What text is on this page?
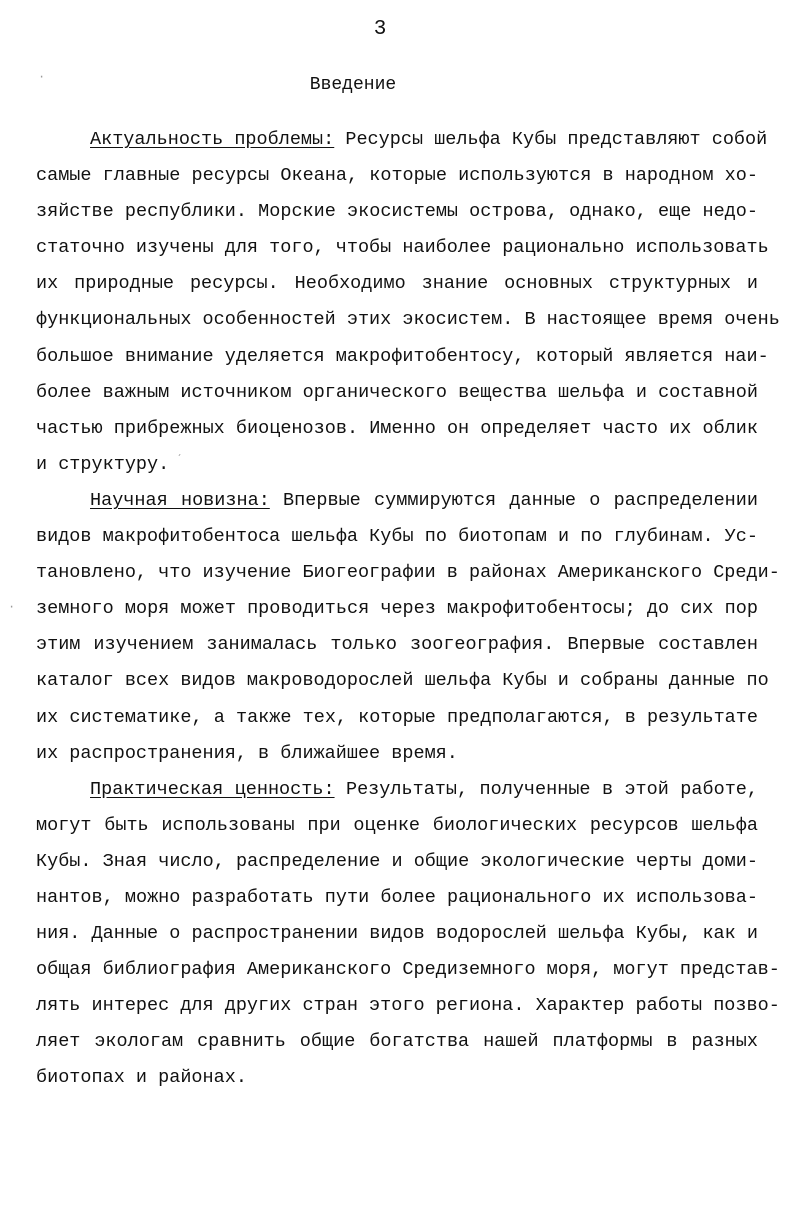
3
Введение
Актуальность проблемы: Ресурсы шельфа Кубы представляют собой
самые главные ресурсы Океана, которые используются в народном хо-
зяйстве республики. Морские экосистемы острова, однако, еще недо-
статочно изучены для того, чтобы наиболее рационально использовать
их природные ресурсы. Необходимо знание основных структурных и
функциональных особенностей этих экосистем. В настоящее время очень
большое внимание уделяется макрофитобентосу, который является наи-
более важным источником органического вещества шельфа и составной
частью прибрежных биоценозов. Именно он определяет часто их облик
и структуру.
Научная новизна: Впервые суммируются данные о распределении
видов макрофитобентоса шельфа Кубы по биотопам и по глубинам. Ус-
тановлено, что изучение Биогеографии в районах Американского Среди-
земного моря может проводиться через макрофитобентосы; до сих пор
этим изучением занималась только зоогеография. Впервые составлен
каталог всех видов макроводорослей шельфа Кубы и собраны данные по
их систематике, а также тех, которые предполагаются, в результате
их распространения, в ближайшее время.
Практическая ценность: Результаты, полученные в этой работе,
могут быть использованы при оценке биологических ресурсов шельфа
Кубы. Зная число, распределение и общие экологические черты доми-
нантов, можно разработать пути более рационального их использова-
ния. Данные о распространении видов водорослей шельфа Кубы, как и
общая библиография Американского Средиземного моря, могут представ-
лять интерес для других стран этого региона. Характер работы позво-
ляет экологам сравнить общие богатства нашей платформы в разных
биотопах и районах.
·
·
ˊ
